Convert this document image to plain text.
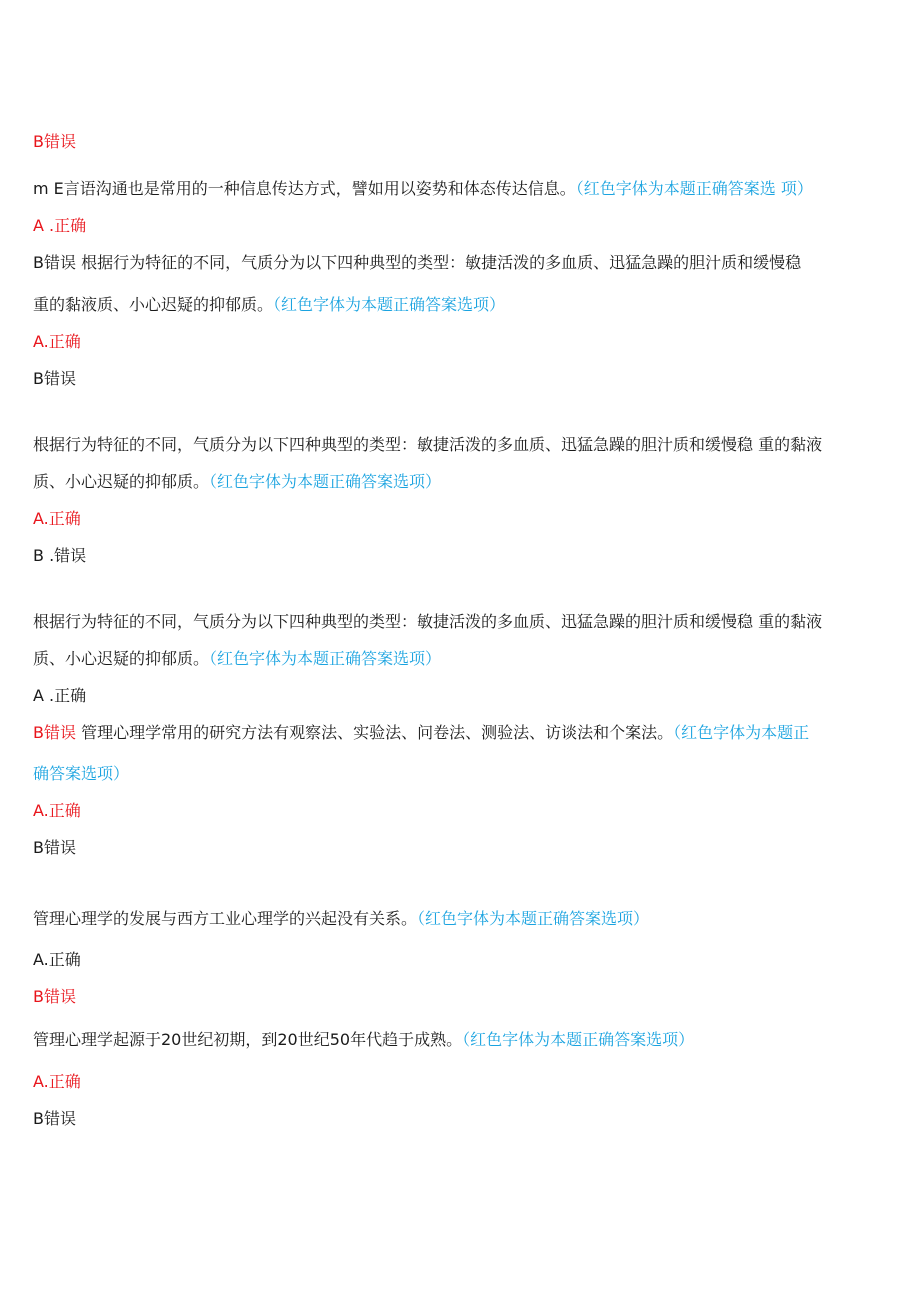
B错误
m E言语沟通也是常用的一种信息传达方式，譬如用以姿势和体态传达信息。（红色字体为本题正确答案选 项）
A .正确
B错误 根据行为特征的不同，气质分为以下四种典型的类型：敏捷活泼的多血质、迅猛急躁的胆汁质和缓慢稳
重的黏液质、小心迟疑的抑郁质。（红色字体为本题正确答案选项）
A.正确
B错误
根据行为特征的不同，气质分为以下四种典型的类型：敏捷活泼的多血质、迅猛急躁的胆汁质和缓慢稳 重的黏液
质、小心迟疑的抑郁质。（红色字体为本题正确答案选项）
A.正确
B .错误
根据行为特征的不同，气质分为以下四种典型的类型：敏捷活泼的多血质、迅猛急躁的胆汁质和缓慢稳 重的黏液
质、小心迟疑的抑郁质。（红色字体为本题正确答案选项）
A .正确
B错误 管理心理学常用的研究方法有观察法、实验法、问卷法、测验法、访谈法和个案法。（红色字体为本题正
确答案选项）
A.正确
B错误
管理心理学的发展与西方工业心理学的兴起没有关系。（红色字体为本题正确答案选项）
A.正确
B错误
管理心理学起源于20世纪初期，到20世纪50年代趋于成熟。（红色字体为本题正确答案选项）
A.正确
B错误
